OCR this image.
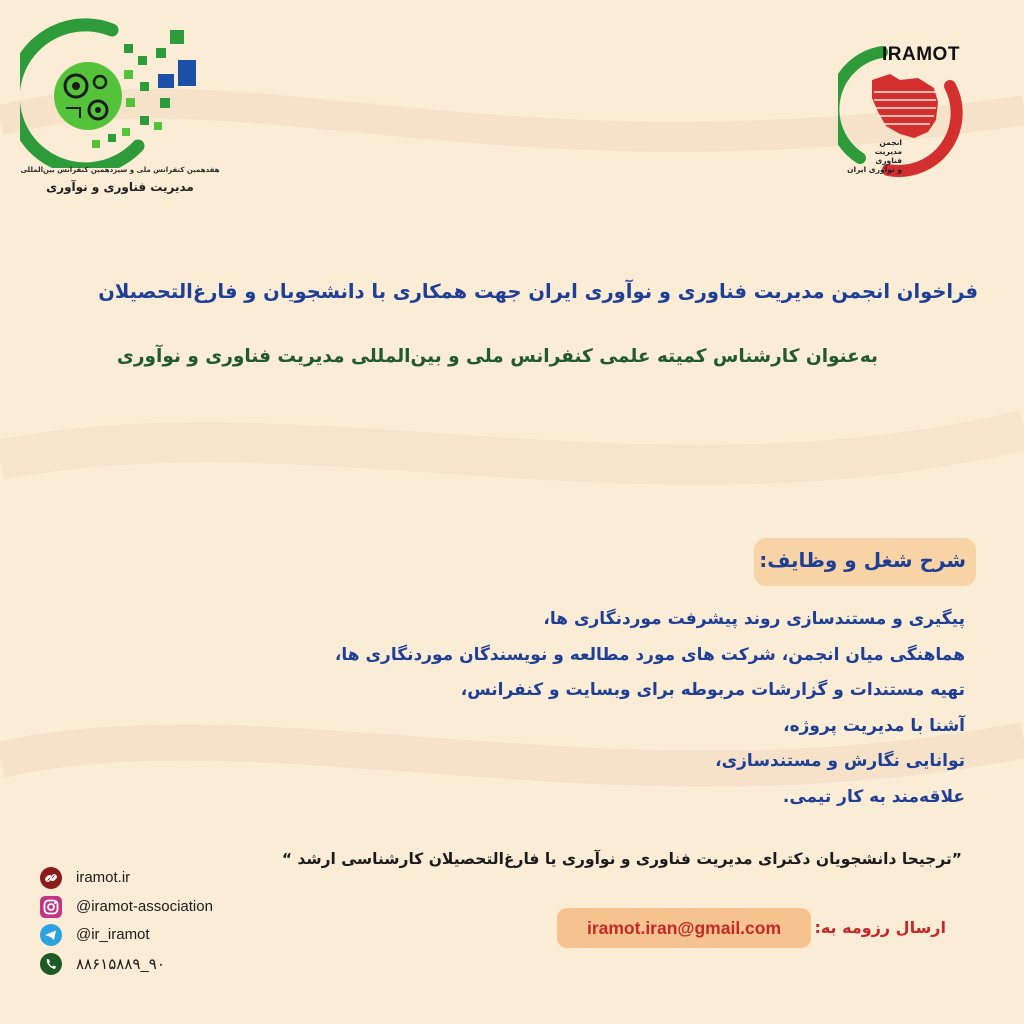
هفدهمین کنفرانس ملی و سیزدهمین کنفرانس بین‌المللی
مدیریت فناوری و نوآوری
IRAMOT
انجمن
مدیریت فناوری
و نوآوری ایران
فراخوان انجمن مدیریت فناوری و نوآوری ایران جهت همکاری با دانشجویان و فارغ‌التحصیلان
به‌عنوان کارشناس کمیته علمی کنفرانس ملی و بین‌المللی مدیریت فناوری و نوآوری
شرح شغل و وظایف:
پیگیری و مستندسازی روند پیشرفت موردنگاری ها،
هماهنگی میان انجمن، شرکت های مورد مطالعه و نویسندگان موردنگاری ها،
تهیه مستندات و گزارشات مربوطه برای وبسایت و کنفرانس،
آشنا با مدیریت پروژه،
توانایی نگارش و مستندسازی،
علاقه‌مند به کار تیمی.
”ترجیحا دانشجویان دکترای مدیریت فناوری و نوآوری یا فارغ‌التحصیلان کارشناسی ارشد “
ارسال رزومه به:
iramot.iran@gmail.com
iramot.ir
@iramot-association
@ir_iramot
۸۸۶۱۵۸۸۹_۹۰
